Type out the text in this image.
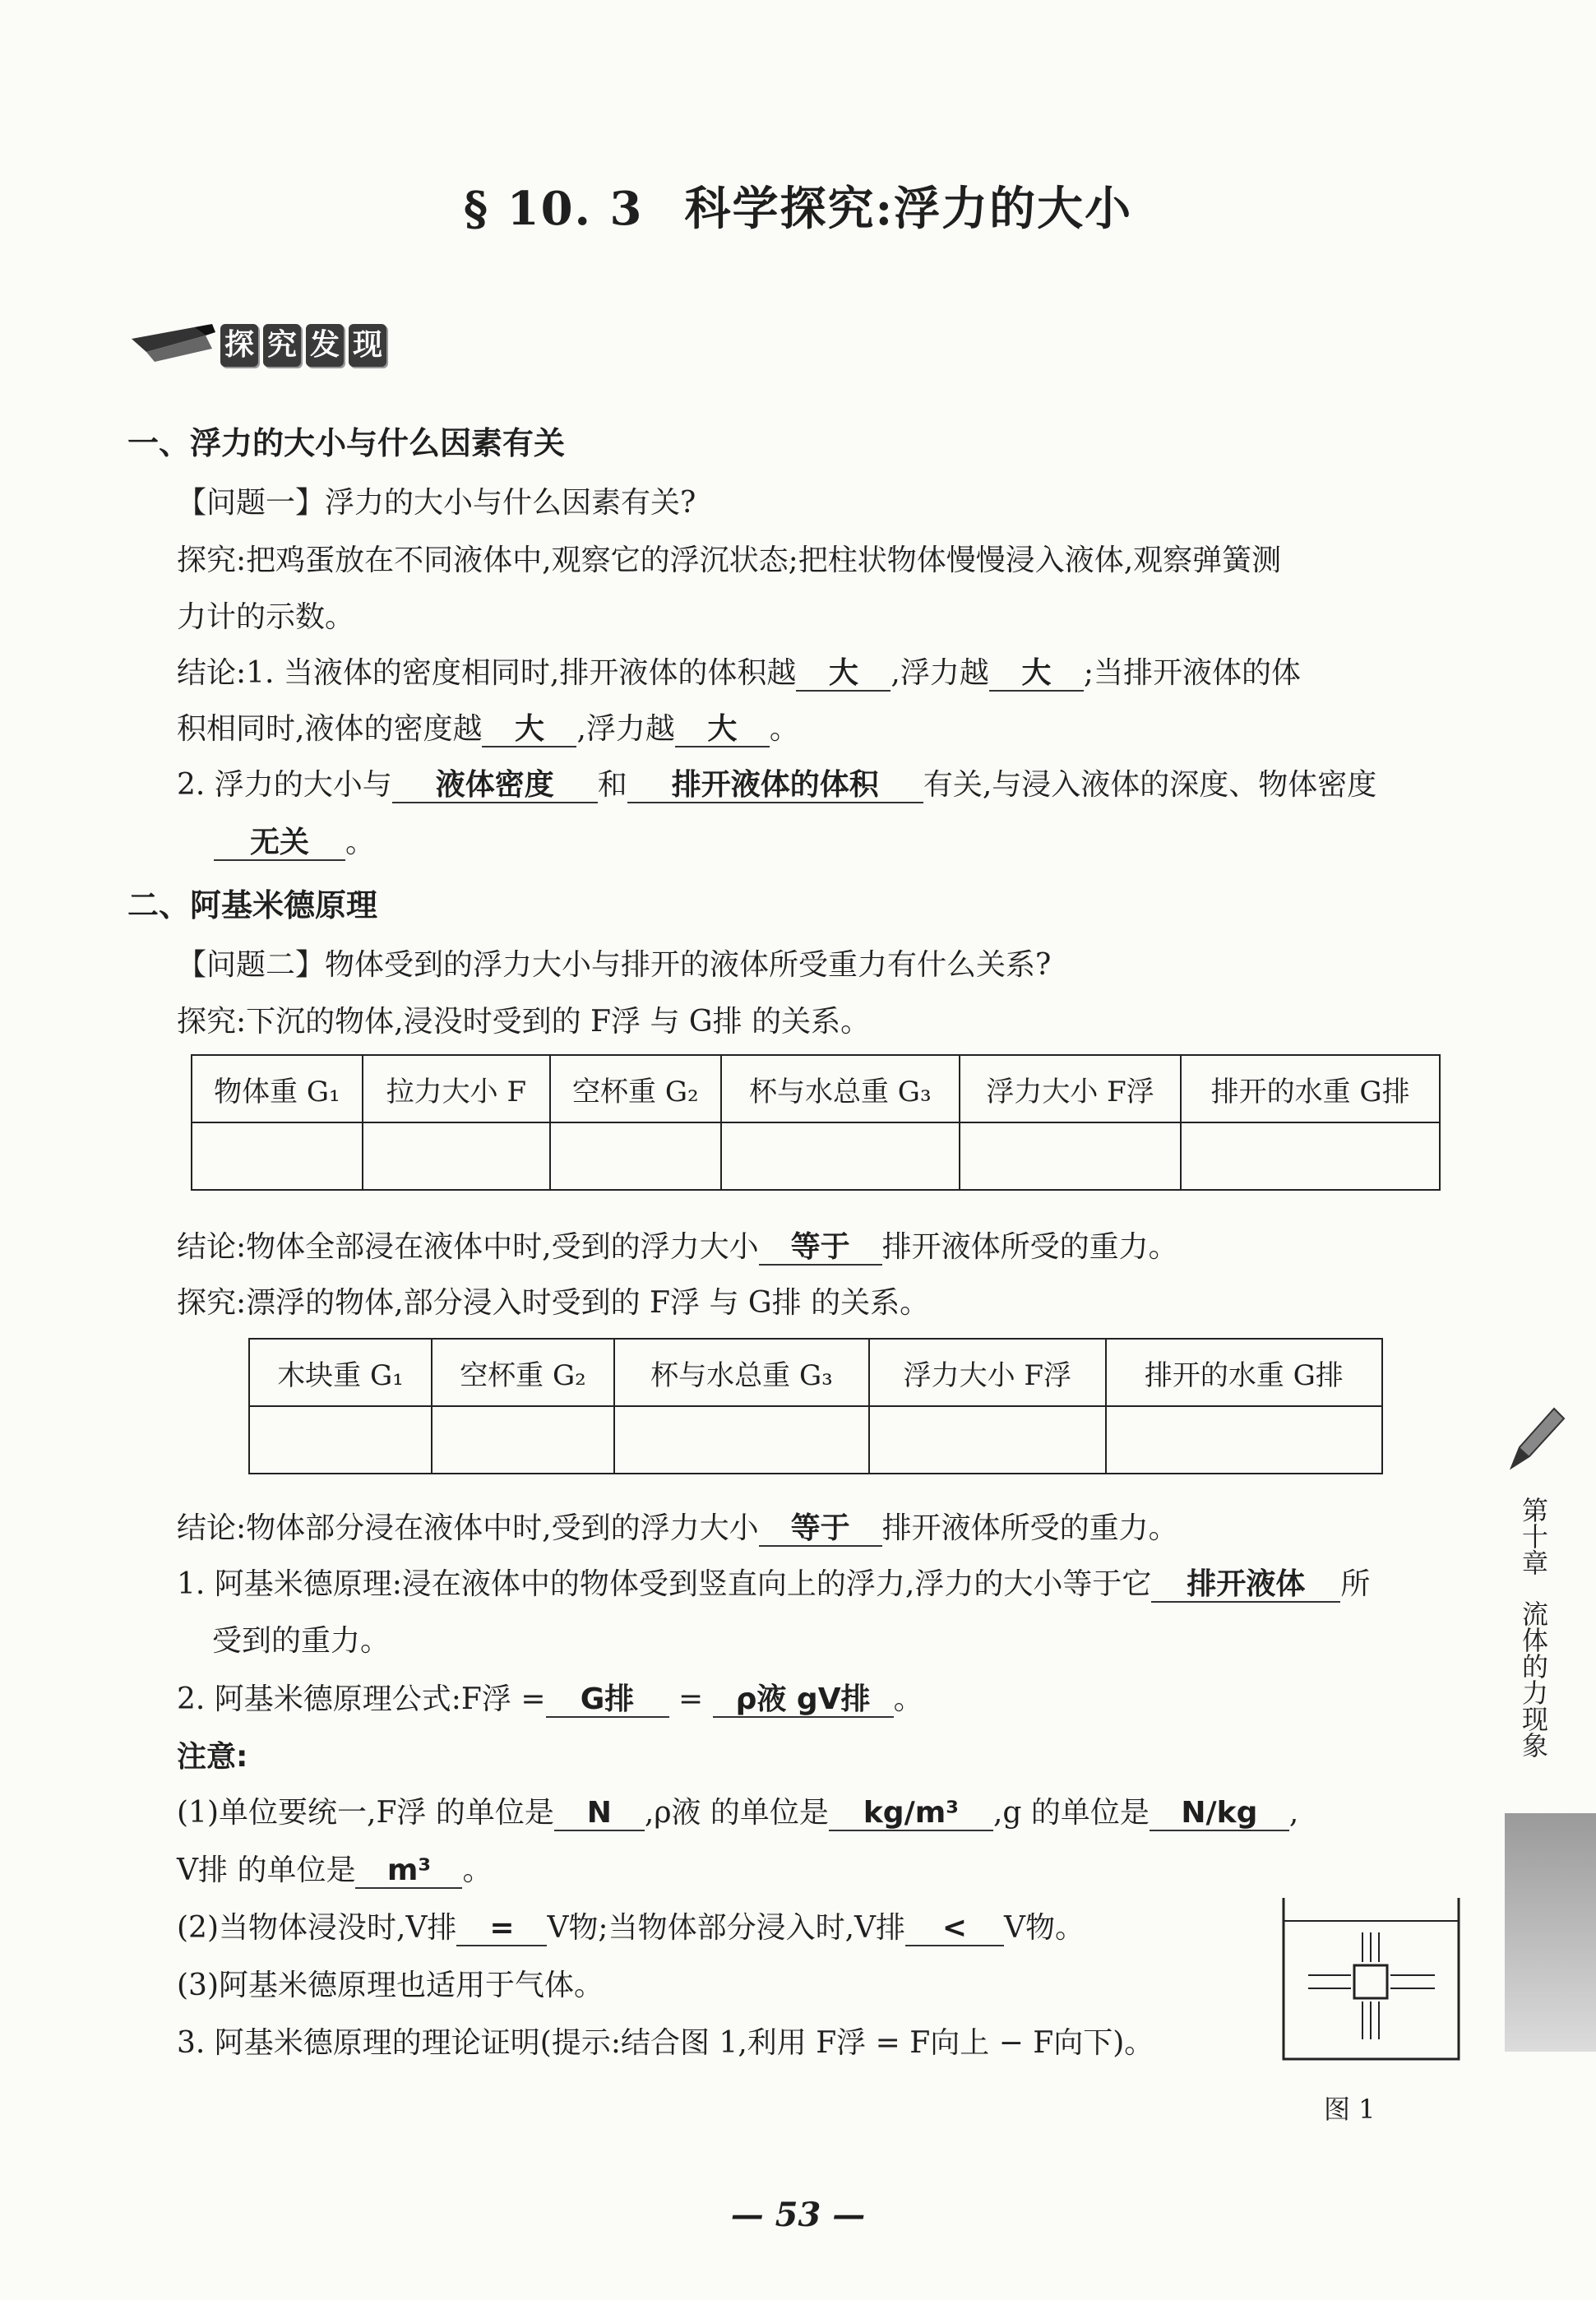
§ 10. 3 科学探究:浮力的大小
探 究 发 现
一、浮力的大小与什么因素有关
【问题一】浮力的大小与什么因素有关?
探究:把鸡蛋放在不同液体中,观察它的浮沉状态;把柱状物体慢慢浸入液体,观察弹簧测
力计的示数。
结论:1. 当液体的密度相同时,排开液体的体积越 大 ,浮力越 大 ;当排开液体的体
积相同时,液体的密度越 大 ,浮力越 大 。
2. 浮力的大小与 液体密度 和 排开液体的体积 有关,与浸入液体的深度、物体密度
无关 。
二、阿基米德原理
【问题二】物体受到的浮力大小与排开的液体所受重力有什么关系?
探究:下沉的物体,浸没时受到的 F浮 与 G排 的关系。
物体重 G₁	拉力大小 F	空杯重 G₂	杯与水总重 G₃	浮力大小 F浮	排开的水重 G排

结论:物体全部浸在液体中时,受到的浮力大小 等于 排开液体所受的重力。
探究:漂浮的物体,部分浸入时受到的 F浮 与 G排 的关系。
木块重 G₁	空杯重 G₂	杯与水总重 G₃	浮力大小 F浮	排开的水重 G排

结论:物体部分浸在液体中时,受到的浮力大小 等于 排开液体所受的重力。
1. 阿基米德原理:浸在液体中的物体受到竖直向上的浮力,浮力的大小等于它 排开液体 所
受到的重力。
2. 阿基米德原理公式:F浮 = G排 = ρ液 gV排 。
注意:
(1)单位要统一,F浮 的单位是 N ,ρ液 的单位是 kg/m³ ,g 的单位是 N/kg ,
V排 的单位是 m³ 。
(2)当物体浸没时,V排 = V物;当物体部分浸入时,V排 < V物。
(3)阿基米德原理也适用于气体。
3. 阿基米德原理的理论证明(提示:结合图 1,利用 F浮 = F向上 − F向下)。
图 1
第十章
流体的力现象
— 53 —
